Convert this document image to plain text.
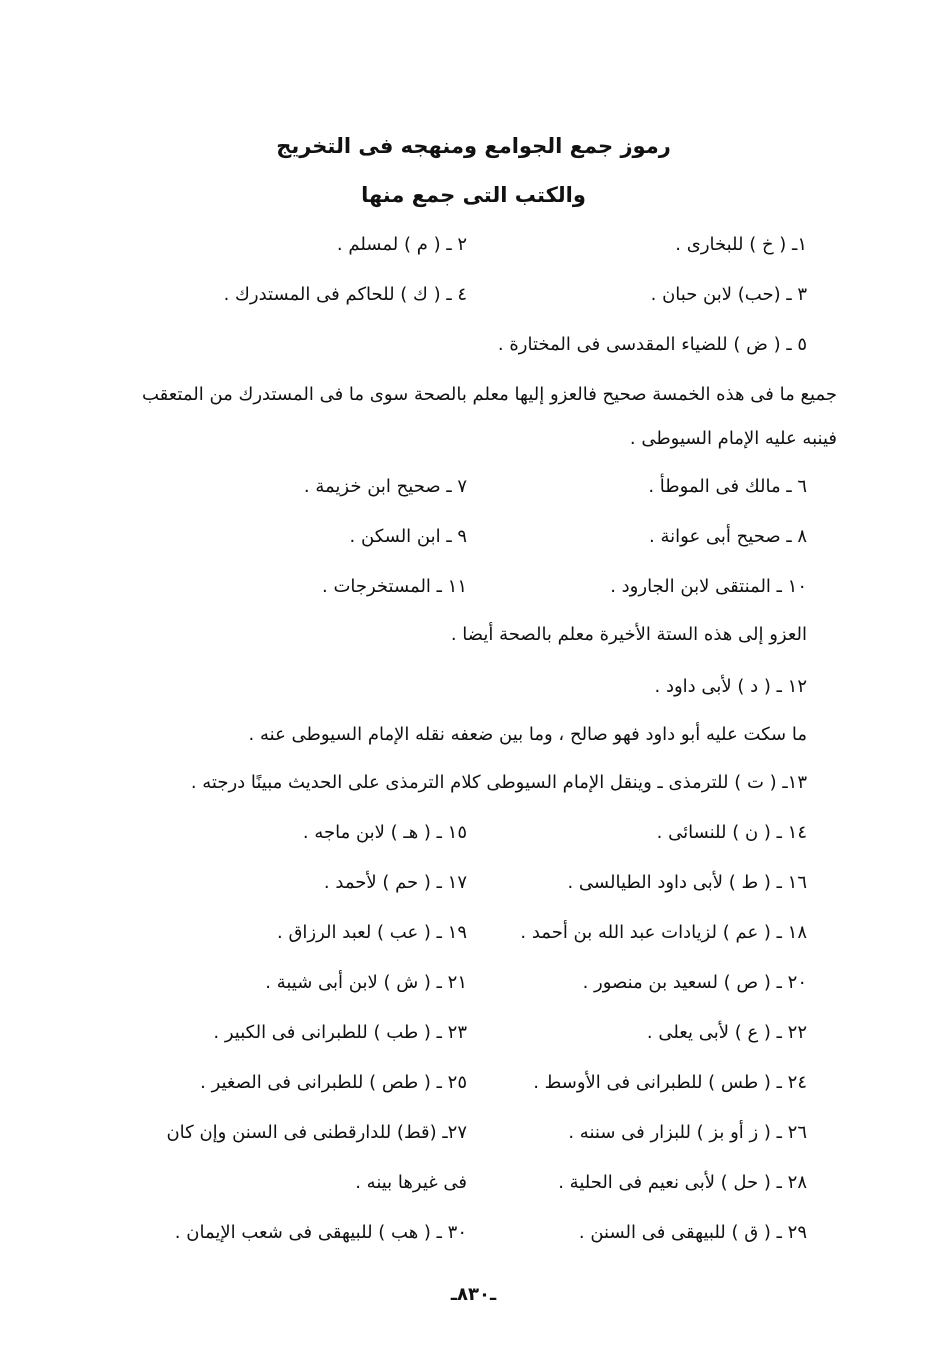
رموز جمع الجوامع ومنهجه فى التخريج
والكتب التى جمع منها
١ـ ( خ ) للبخارى .٢ ـ ( م ) لمسلم .
٣ ـ (حب) لابن حبان .٤ ـ ( ك ) للحاكم فى المستدرك .
٥ ـ ( ض ) للضياء المقدسى فى المختارة .
جميع ما فى هذه الخمسة صحيح فالعزو إليها معلم بالصحة سوى ما فى المستدرك من المتعقب
فينبه عليه الإمام السيوطى .
٦ ـ مالك فى الموطأ .٧ ـ صحيح ابن خزيمة .
٨ ـ صحيح أبى عوانة .٩ ـ ابن السكن .
١٠ ـ المنتقى لابن الجارود .١١ ـ المستخرجات .
العزو إلى هذه الستة الأخيرة معلم بالصحة أيضا .
١٢ ـ ( د ) لأبى داود .
ما سكت عليه أبو داود فهو صالح ، وما بين ضعفه نقله الإمام السيوطى عنه .
١٣ـ ( ت ) للترمذى ـ وينقل الإمام السيوطى كلام الترمذى على الحديث مبينًا درجته .
١٤ ـ ( ن ) للنسائى .١٥ ـ ( هـ ) لابن ماجه .
١٦ ـ ( ط ) لأبى داود الطيالسى .١٧ ـ ( حم ) لأحمد .
١٨ ـ ( عم ) لزيادات عبد الله بن أحمد .١٩ ـ ( عب ) لعبد الرزاق .
٢٠ ـ ( ص ) لسعيد بن منصور .٢١ ـ ( ش ) لابن أبى شيبة .
٢٢ ـ ( ع ) لأبى يعلى .٢٣ ـ ( طب ) للطبرانى فى الكبير .
٢٤ ـ ( طس ) للطبرانى فى الأوسط .٢٥ ـ ( طص ) للطبرانى فى الصغير .
٢٦ ـ ( ز أو بز ) للبزار فى سننه .٢٧ـ (قط) للدارقطنى فى السنن وإن كان
٢٨ ـ ( حل ) لأبى نعيم فى الحلية .فى غيرها بينه .
٢٩ ـ ( ق ) للبيهقى فى السنن .٣٠ ـ ( هب ) للبيهقى فى شعب الإيمان .
ـ٨٣٠ـ
